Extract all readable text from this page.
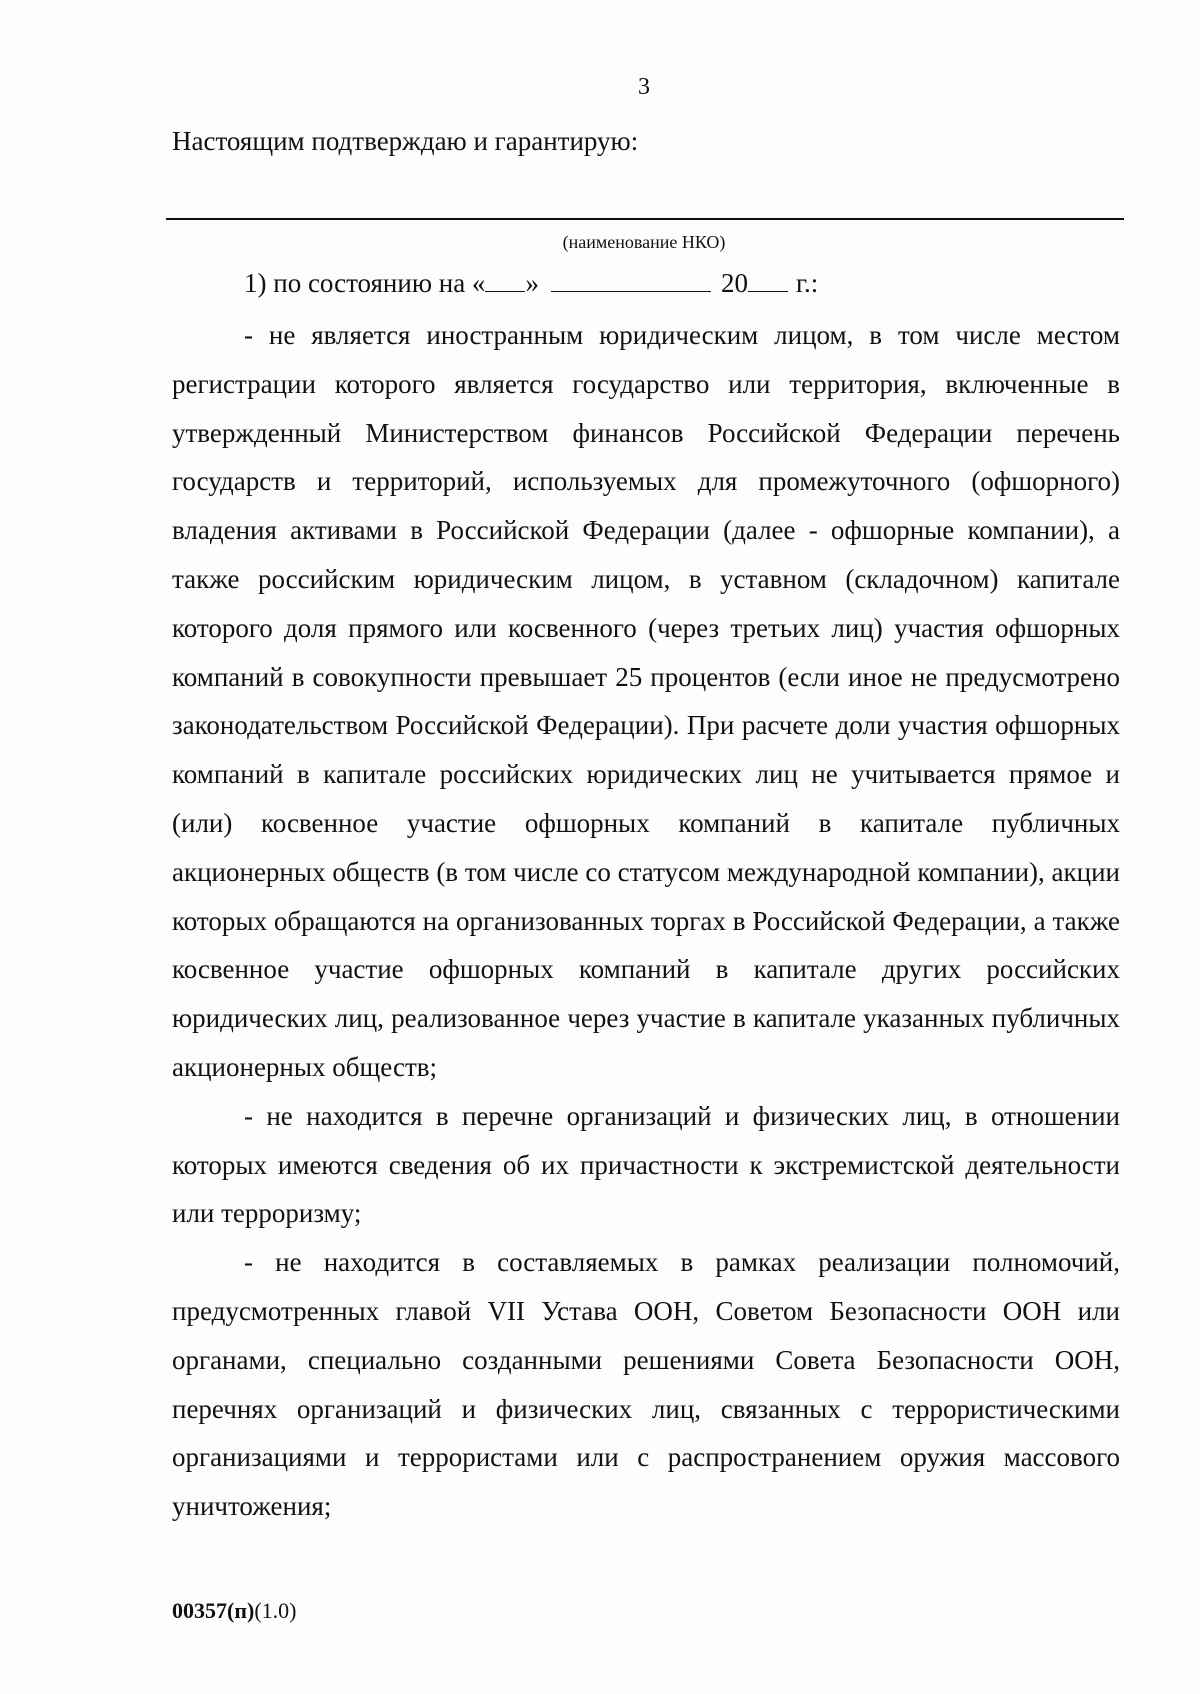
3
Настоящим подтверждаю и гарантирую:
(наименование НКО)
1) по состоянию на « »	20 г.:

- не является иностранным юридическим лицом, в том числе местом регистрации которого является государство или территория, включенные в утвержденный Министерством финансов Российской Федерации перечень государств и территорий, используемых для промежуточного (офшорного) владения активами в Российской Федерации (далее - офшорные компании), а также российским юридическим лицом, в уставном (складочном) капитале которого доля прямого или косвенного (через третьих лиц) участия офшорных компаний в совокупности превышает 25 процентов (если иное не предусмотрено законодательством Российской Федерации). При расчете доли участия офшорных компаний в капитале российских юридических лиц не учитывается прямое и (или) косвенное участие офшорных компаний в капитале публичных акционерных обществ (в том числе со статусом международной компании), акции которых обращаются на организованных торгах в Российской Федерации, а также косвенное участие офшорных компаний в капитале других российских юридических лиц, реализованное через участие в капитале указанных публичных акционерных обществ;

- не находится в перечне организаций и физических лиц, в отношении которых имеются сведения об их причастности к экстремистской деятельности или терроризму;

- не находится в составляемых в рамках реализации полномочий, предусмотренных главой VII Устава ООН, Советом Безопасности ООН или органами, специально созданными решениями Совета Безопасности ООН, перечнях организаций и физических лиц, связанных с террористическими организациями и террористами или с распространением оружия массового уничтожения;

00357(п)(1.0)
